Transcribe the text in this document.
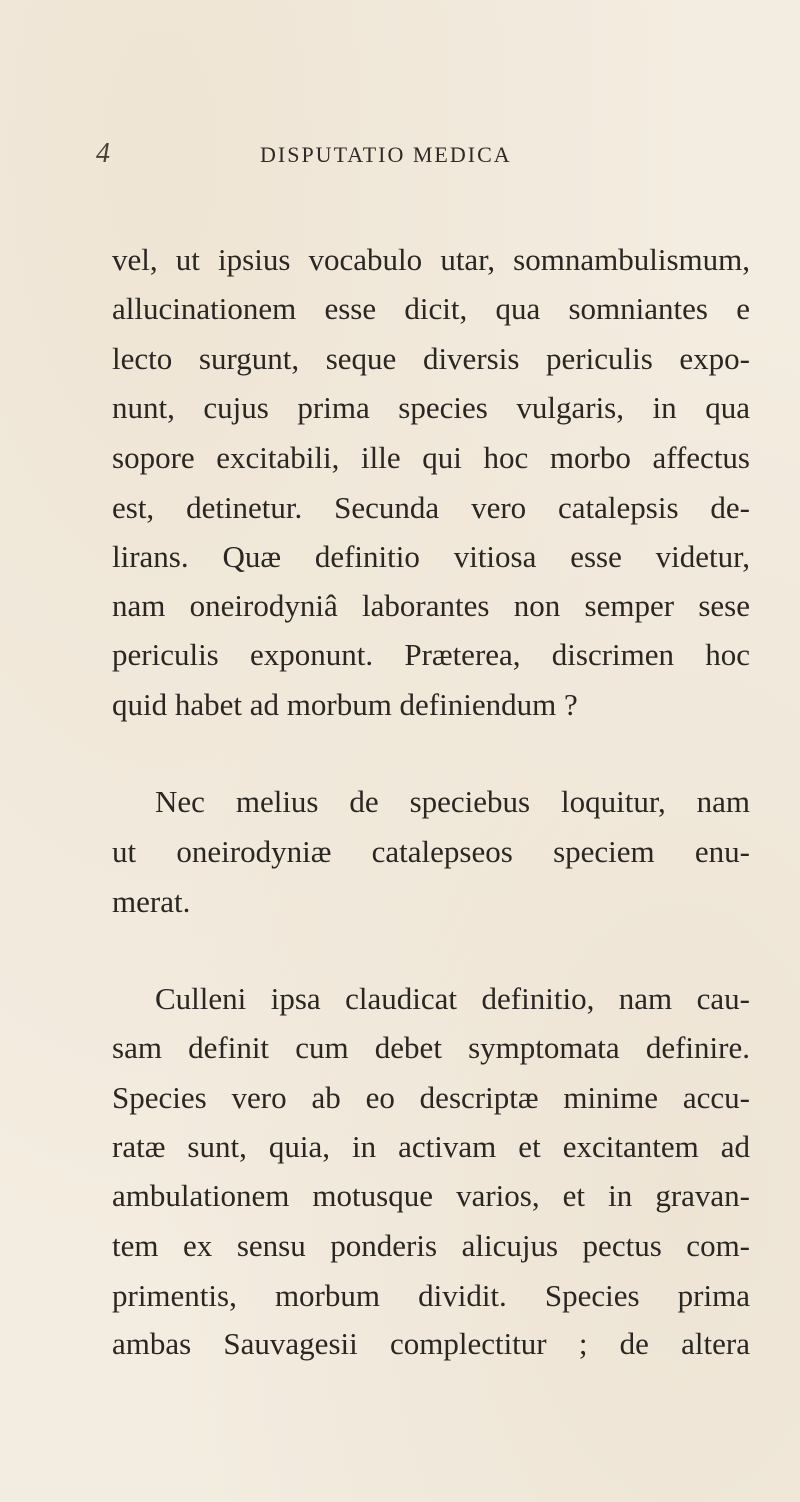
4	DISPUTATIO MEDICA
vel, ut ipsius vocabulo utar, somnambulismum,
allucinationem esse dicit, qua somniantes e
lecto surgunt, seque diversis periculis expo-
nunt, cujus prima species vulgaris, in qua
sopore excitabili, ille qui hoc morbo affectus
est, detinetur. Secunda vero catalepsis de-
lirans. Quæ definitio vitiosa esse videtur,
nam oneirodyniâ laborantes non semper sese
periculis exponunt. Præterea, discrimen hoc
quid habet ad morbum definiendum ?
Nec melius de speciebus loquitur, nam
ut oneirodyniæ catalepseos speciem enu-
merat.
Culleni ipsa claudicat definitio, nam cau-
sam definit cum debet symptomata definire.
Species vero ab eo descriptæ minime accu-
ratæ sunt, quia, in activam et excitantem ad
ambulationem motusque varios, et in gravan-
tem ex sensu ponderis alicujus pectus com-
primentis, morbum dividit. Species prima
ambas Sauvagesii complectitur ; de altera
